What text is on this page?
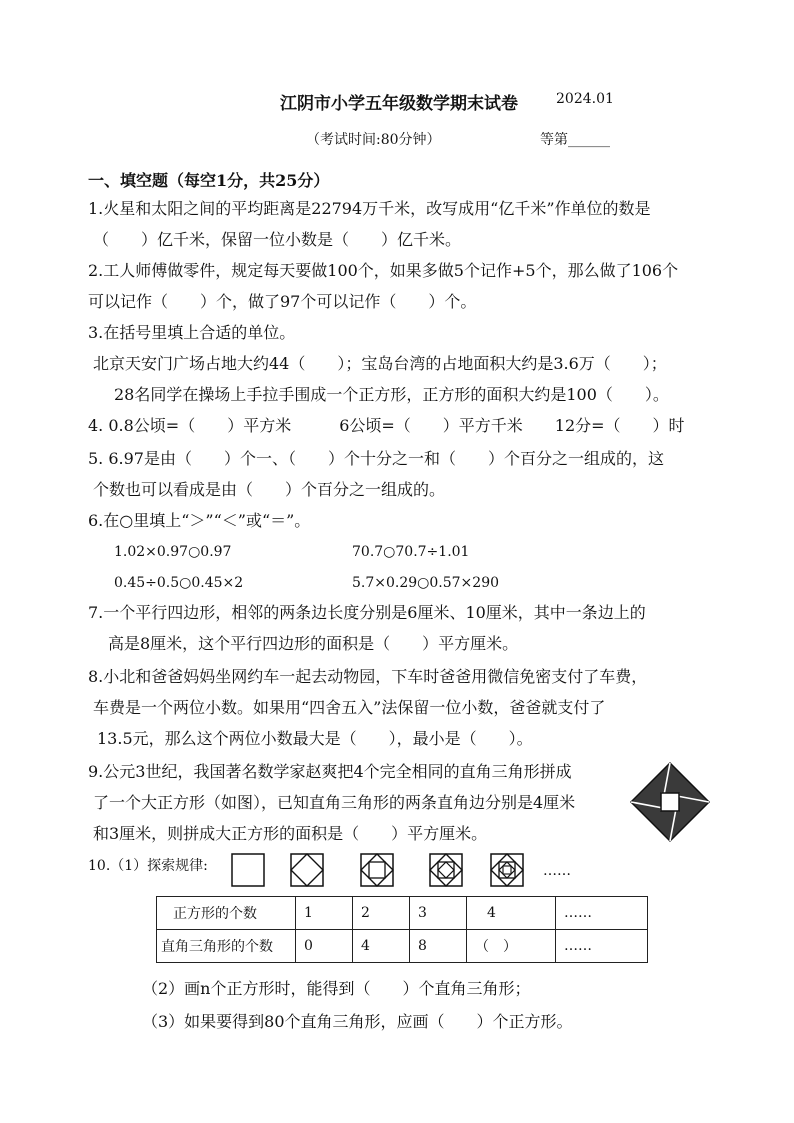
江阴市小学五年级数学期末试卷	2024.01
（考试时间:80分钟）	等第______
一、填空题（每空1分，共25分）
1.火星和太阳之间的平均距离是22794万千米，改写成用“亿千米”作单位的数是
（　　）亿千米，保留一位小数是（　　）亿千米。
2.工人师傅做零件，规定每天要做100个，如果多做5个记作+5个，那么做了106个
可以记作（　　）个，做了97个可以记作（　　）个。
3.在括号里填上合适的单位。
北京天安门广场占地大约44（　　）；宝岛台湾的占地面积大约是3.6万（　　）；
28名同学在操场上手拉手围成一个正方形，正方形的面积大约是100（　　）。
4. 0.8公顷=（　　）平方米　　　6公顷=（　　）平方千米　　12分=（　　）时
5. 6.97是由（　　）个一、（　　）个十分之一和（　　）个百分之一组成的，这
个数也可以看成是由（　　）个百分之一组成的。
6.在○里填上“＞”“＜”或“＝”。
1.02×0.97○0.97	70.7○70.7÷1.01
0.45÷0.5○0.45×2	5.7×0.29○0.57×290
7.一个平行四边形，相邻的两条边长度分别是6厘米、10厘米，其中一条边上的
高是8厘米，这个平行四边形的面积是（　　）平方厘米。
8.小北和爸爸妈妈坐网约车一起去动物园，下车时爸爸用微信免密支付了车费，
车费是一个两位小数。如果用“四舍五入”法保留一位小数，爸爸就支付了
13.5元，那么这个两位小数最大是（　　），最小是（　　）。
9.公元3世纪，我国著名数学家赵爽把4个完全相同的直角三角形拼成
了一个大正方形（如图），已知直角三角形的两条直角边分别是4厘米
和3厘米，则拼成大正方形的面积是（　　）平方厘米。
10.（1）探索规律:	……
正方形的个数	1	2	3	4	……
直角三角形的个数	0	4	8	（　）	……
（2）画n个正方形时，能得到（　　）个直角三角形；
（3）如果要得到80个直角三角形，应画（　　）个正方形。
